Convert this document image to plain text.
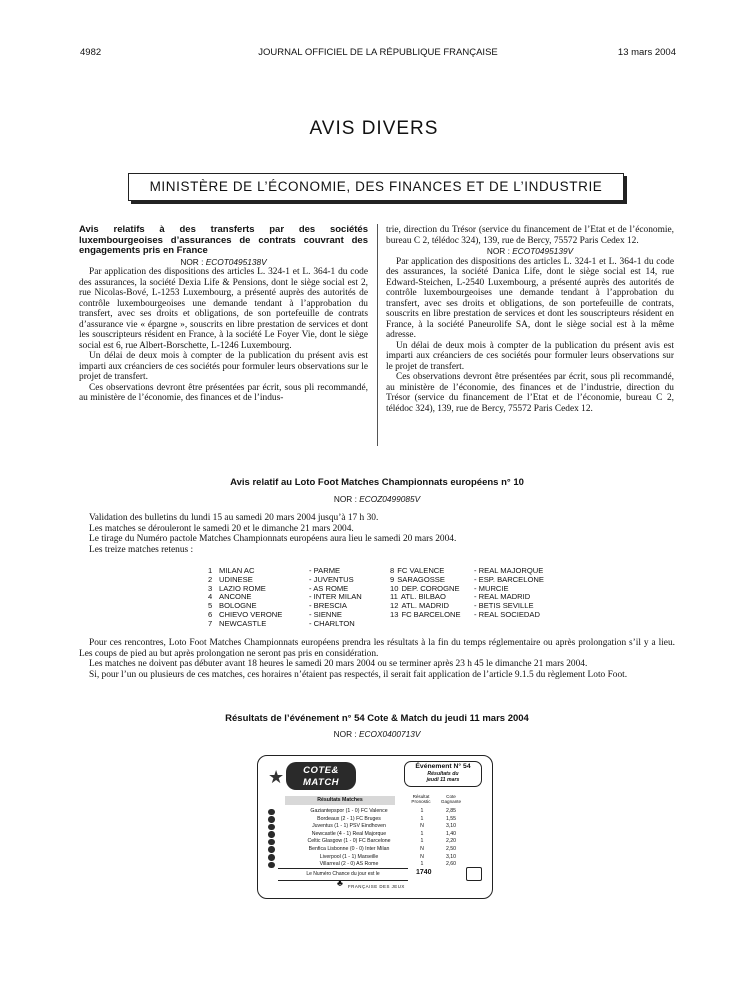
4982	JOURNAL OFFICIEL DE LA RÉPUBLIQUE FRANÇAISE	13 mars 2004
AVIS DIVERS
MINISTÈRE DE L’ÉCONOMIE, DES FINANCES ET DE L’INDUSTRIE

Avis relatifs à des transferts par des sociétés luxembourgeoises d’assurances de contrats couvrant des engagements pris en France

NOR : ECOT0495138V

Par application des dispositions des articles L. 324-1 et L. 364-1 du code des assurances, la société Dexia Life & Pensions, dont le siège social est 2, rue Nicolas-Bové, L-1253 Luxembourg, a présenté auprès des autorités de contrôle luxembourgeoises une demande tendant à l’approbation du transfert, avec ses droits et obligations, de son portefeuille de contrats d’assurance vie « épargne », souscrits en libre prestation de services et dont les souscripteurs résident en France, à la société Le Foyer Vie, dont le siège social est 6, rue Albert-Borschette, L-1246 Luxembourg.

Un délai de deux mois à compter de la publication du présent avis est imparti aux créanciers de ces sociétés pour formuler leurs observations sur le projet de transfert.

Ces observations devront être présentées par écrit, sous pli recommandé, au ministère de l’économie, des finances et de l’indus-

trie, direction du Trésor (service du financement de l’Etat et de l’économie, bureau C 2, télédoc 324), 139, rue de Bercy, 75572 Paris Cedex 12.

NOR : ECOT0495139V

Par application des dispositions des articles L. 324-1 et L. 364-1 du code des assurances, la société Danica Life, dont le siège social est 14, rue Edward-Steichen, L-2540 Luxembourg, a présenté auprès des autorités de contrôle luxembourgeoises une demande tendant à l’approbation du transfert, avec ses droits et obligations, de son portefeuille de contrats, souscrits en libre prestation de services et dont les souscripteurs résident en France, à la société Paneurolife SA, dont le siège social est à la même adresse.

Un délai de deux mois à compter de la publication du présent avis est imparti aux créanciers de ces sociétés pour formuler leurs observations sur le projet de transfert.

Ces observations devront être présentées par écrit, sous pli recommandé, au ministère de l’économie, des finances et de l’industrie, direction du Trésor (service du financement de l’Etat et de l’économie, bureau C 2, télédoc 324), 139, rue de Bercy, 75572 Paris Cedex 12.

Avis relatif au Loto Foot Matches Championnats européens n° 10
NOR : ECOZ0499085V

Validation des bulletins du lundi 15 au samedi 20 mars 2004 jusqu’à 17 h 30.

Les matches se dérouleront le samedi 20 et le dimanche 21 mars 2004.

Le tirage du Numéro pactole Matches Championnats européens aura lieu le samedi 20 mars 2004.

Les treize matches retenus :

1 MILAN AC	- PARME	8 FC VALENCE	- REAL MAJORQUE
2 UDINESE	- JUVENTUS	9 SARAGOSSE	- ESP. BARCELONE
3 LAZIO ROME	- AS ROME	10 DEP. COROGNE - MURCIE
4 ANCONE	- INTER MILAN	11 ATL. BILBAO	- REAL MADRID
5 BOLOGNE	- BRESCIA	12 ATL. MADRID	- BETIS SEVILLE
6 CHIEVO VERONE	- SIENNE	13 FC BARCELONE - REAL SOCIEDAD
7 NEWCASTLE	- CHARLTON

Pour ces rencontres, Loto Foot Matches Championnats européens prendra les résultats à la fin du temps réglementaire ou après prolongation s’il y a lieu. Les coups de pied au but après prolongation ne seront pas pris en considération.

Les matches ne doivent pas débuter avant 18 heures le samedi 20 mars 2004 ou se terminer après 23 h 45 le dimanche 21 mars 2004.

Si, pour l’un ou plusieurs de ces matches, ces horaires n’étaient pas respectés, il serait fait application de l’article 9.1.5 du règlement Loto Foot.

Résultats de l’événement n° 54 Cote & Match du jeudi 11 mars 2004
NOR : ECOX0400713V
★	COTE&
MATCH
Événement N° 54
Résultats du
jeudi 11 mars
Résultats Matches
Résultat Pronostic
Cote Gagnante
Gaziantepspor (1 - 0) FC Valence	1	2,85
Bordeaux (2 - 1) FC Bruges	1	1,55
Juventus (1 - 1) PSV Eindhoven	N	3,10
Newcastle (4 - 1) Real Majorque	1	1,40
Celtic Glasgow (1 - 0) FC Barcelone	1	2,20
Benfica Lisbonne (0 - 0) Inter Milan	N	2,50
Liverpool (1 - 1) Marseille	N	3,10
Villarreal (2 - 0) AS Rome	1	2,60
Le Numéro Chance du jour est le	1740
♣ FRANÇAISE DES JEUX
